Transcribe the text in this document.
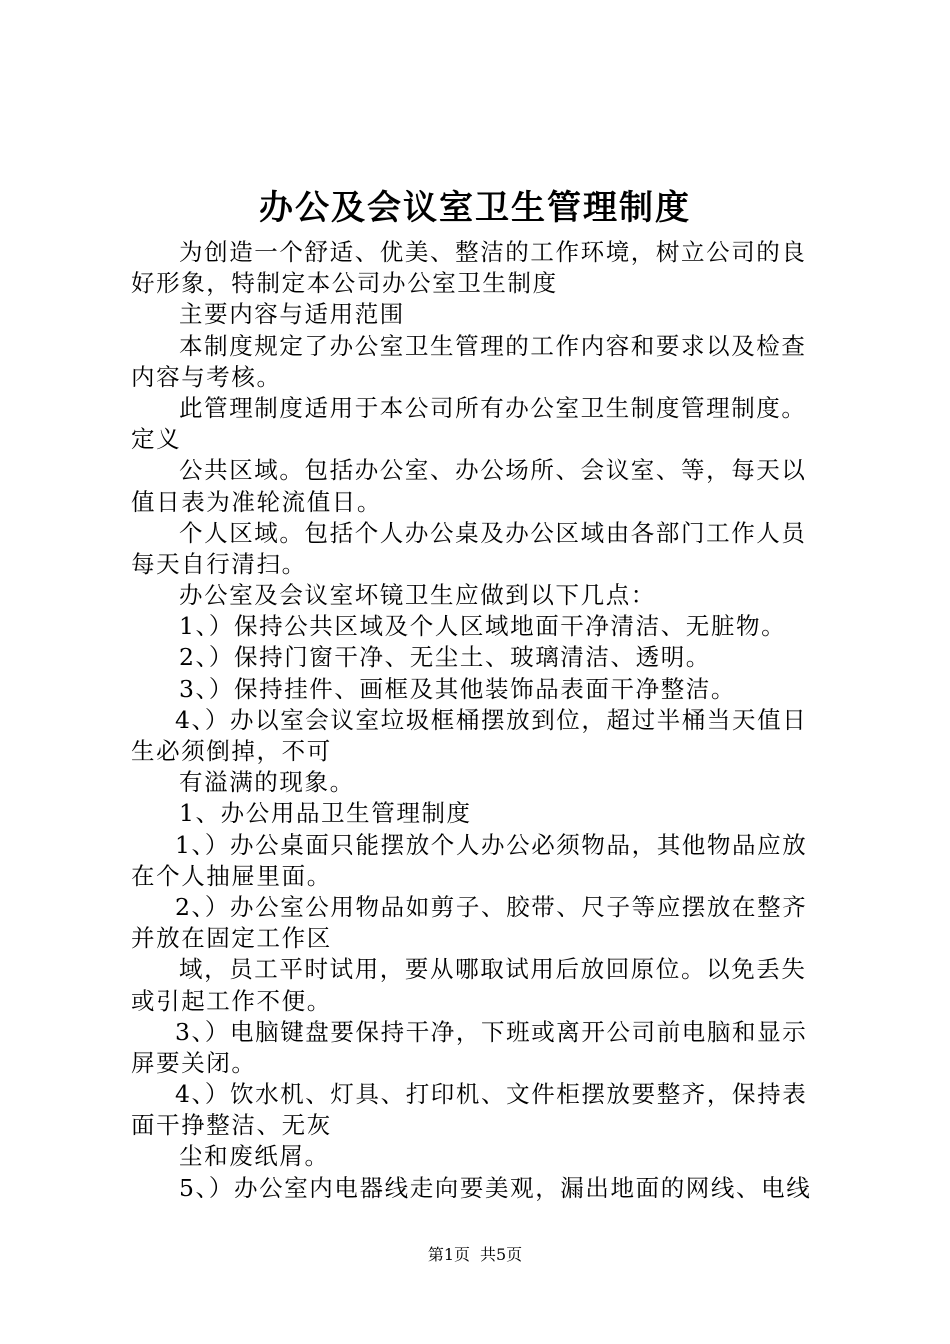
办公及会议室卫生管理制度
为创造一个舒适、优美、整洁的工作环境，树立公司的良
好形象，特制定本公司办公室卫生制度
主要内容与适用范围
本制度规定了办公室卫生管理的工作内容和要求以及检查
内容与考核。
此管理制度适用于本公司所有办公室卫生制度管理制度。
定义
公共区域。包括办公室、办公场所、会议室、等，每天以
值日表为准轮流值日。
个人区域。包括个人办公桌及办公区域由各部门工作人员
每天自行清扫。
办公室及会议室坏镜卫生应做到以下几点：
1、）保持公共区域及个人区域地面干净清洁、无脏物。
2、）保持门窗干净、无尘土、玻璃清洁、透明。
3、）保持挂件、画框及其他装饰品表面干净整洁。
4、）办以室会议室垃圾框桶摆放到位，超过半桶当天值日
生必须倒掉，不可
有溢满的现象。
1、办公用品卫生管理制度
1、）办公桌面只能摆放个人办公必须物品，其他物品应放
在个人抽屉里面。
2、）办公室公用物品如剪子、胶带、尺子等应摆放在整齐
并放在固定工作区
域，员工平时试用，要从哪取试用后放回原位。以免丢失
或引起工作不便。
3、）电脑键盘要保持干净，下班或离开公司前电脑和显示
屏要关闭。
4、）饮水机、灯具、打印机、文件柜摆放要整齐，保持表
面干挣整洁、无灰
尘和废纸屑。
5、）办公室内电器线走向要美观，漏出地面的网线、电线
第1页 共5页
